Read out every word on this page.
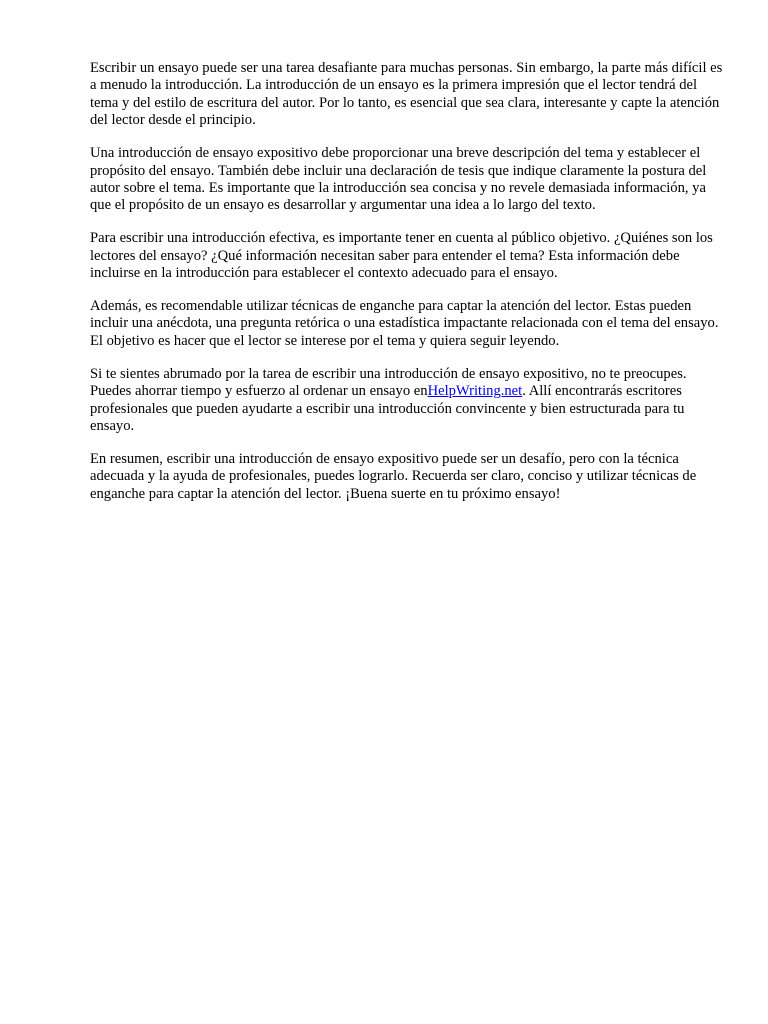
Escribir un ensayo puede ser una tarea desafiante para muchas personas. Sin embargo, la parte más difícil es a menudo la introducción. La introducción de un ensayo es la primera impresión que el lector tendrá del tema y del estilo de escritura del autor. Por lo tanto, es esencial que sea clara, interesante y capte la atención del lector desde el principio.

Una introducción de ensayo expositivo debe proporcionar una breve descripción del tema y establecer el propósito del ensayo. También debe incluir una declaración de tesis que indique claramente la postura del autor sobre el tema. Es importante que la introducción sea concisa y no revele demasiada información, ya que el propósito de un ensayo es desarrollar y argumentar una idea a lo largo del texto.

Para escribir una introducción efectiva, es importante tener en cuenta al público objetivo. ¿Quiénes son los lectores del ensayo? ¿Qué información necesitan saber para entender el tema? Esta información debe incluirse en la introducción para establecer el contexto adecuado para el ensayo.

Además, es recomendable utilizar técnicas de enganche para captar la atención del lector. Estas pueden incluir una anécdota, una pregunta retórica o una estadística impactante relacionada con el tema del ensayo. El objetivo es hacer que el lector se interese por el tema y quiera seguir leyendo.

Si te sientes abrumado por la tarea de escribir una introducción de ensayo expositivo, no te preocupes. Puedes ahorrar tiempo y esfuerzo al ordenar un ensayo enHelpWriting.net. Allí encontrarás escritores profesionales que pueden ayudarte a escribir una introducción convincente y bien estructurada para tu ensayo.

En resumen, escribir una introducción de ensayo expositivo puede ser un desafío, pero con la técnica adecuada y la ayuda de profesionales, puedes lograrlo. Recuerda ser claro, conciso y utilizar técnicas de enganche para captar la atención del lector. ¡Buena suerte en tu próximo ensayo!
